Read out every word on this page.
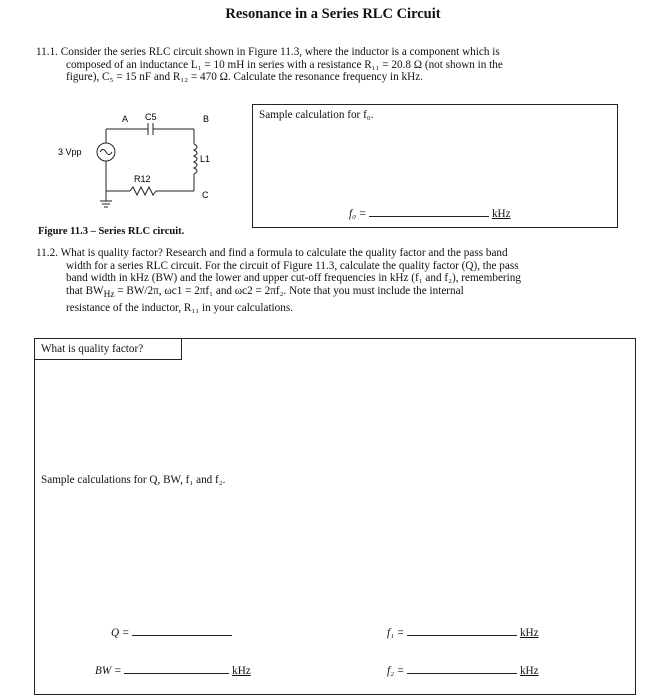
Resonance in a Series RLC Circuit
11.1. Consider the series RLC circuit shown in Figure 11.3, where the inductor is a component which is
composed of an inductance L₁ = 10 mH in series with a resistance R₁₁ = 20.8 Ω (not shown in the
figure), C₅ = 15 nF and R₁₂ = 470 Ω. Calculate the resonance frequency in kHz.
3 Vpp
A	B
C
C5
R12
L1
Sample calculation for f₀.
f₀ =	kHz
Figure 11.3 – Series RLC circuit.
11.2. What is quality factor? Research and find a formula to calculate the quality factor and the pass band
width for a series RLC circuit. For the circuit of Figure 11.3, calculate the quality factor (Q), the pass
band width in kHz (BW) and the lower and upper cut-off frequencies in kHz (f₁ and f₂), remembering
that $BW_{Hz} = BW/2\pi$, ωc1 = 2πf₁ and ωc2 = 2πf₂. Note that you must include the internal
resistance of the inductor, R₁₁ in your calculations.
What is quality factor?
Sample calculations for Q, BW, f₁ and f₂.
Q =
BW =	kHz
f₁ =	kHz
f₂ =	kHz
